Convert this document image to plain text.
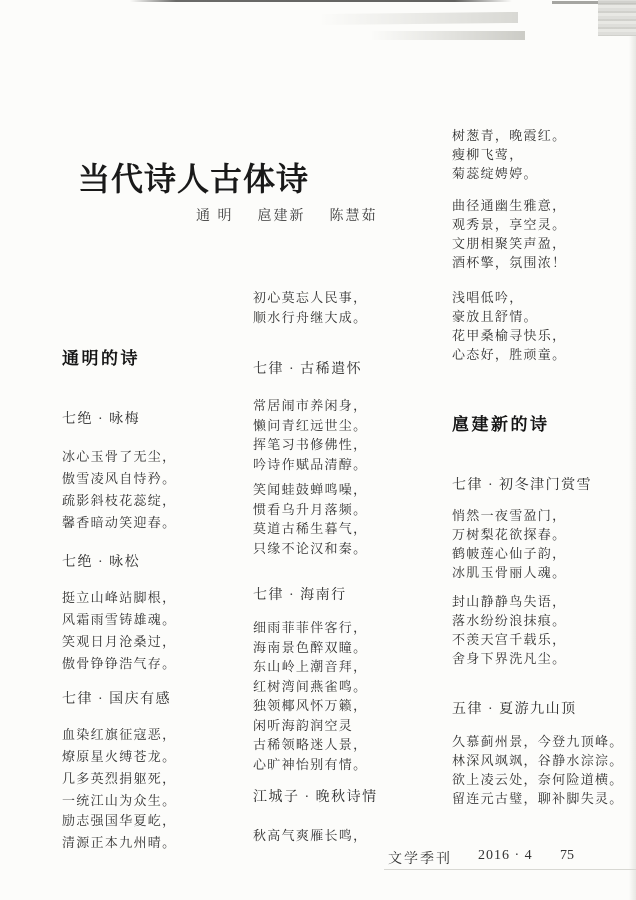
当代诗人古体诗
通 明 扈建新 陈慧茹
通明的诗
七绝 · 咏梅
冰心玉骨了无尘，
傲雪凌风自恃矜。
疏影斜枝花蕊绽，
馨香暗动笑迎春。
七绝 · 咏松
挺立山峰站脚根，
风霜雨雪铸雄魂。
笑观日月沧桑过，
傲骨铮铮浩气存。
七律 · 国庆有感
血染红旗征寇恶，
燎原星火缚苍龙。
几多英烈捐躯死，
一统江山为众生。
励志强国华夏屹，
清源正本九州晴。
初心莫忘人民事，
顺水行舟继大成。
七律 · 古稀遣怀
常居闹市养闲身，
懒问青红远世尘。
挥笔习书修佛性，
吟诗作赋品清醇。
笑闻蛙鼓蝉鸣噪，
惯看乌升月落频。
莫道古稀生暮气，
只缘不论汉和秦。
七律 · 海南行
细雨菲菲伴客行，
海南景色醉双瞳。
东山岭上潮音拜，
红树湾间燕雀鸣。
独领椰风怀万籁，
闲听海韵润空灵
古稀领略迷人景，
心旷神怡别有情。
江城子 · 晚秋诗情
秋高气爽雁长鸣，
树葱青，晚霞红。
瘦柳飞莺，
菊蕊绽娉婷。
曲径通幽生雅意，
观秀景，享空灵。
文朋相聚笑声盈，
酒杯擎，氛围浓！
浅唱低吟，
豪放且舒情。
花甲桑榆寻快乐，
心态好，胜顽童。
扈建新的诗
七律 · 初冬津门赏雪
悄然一夜雪盈门，
万树梨花欲探春。
鹤帔莲心仙子韵，
冰肌玉骨丽人魂。
封山静静鸟失语，
落水纷纷浪抹痕。
不羡天宫千载乐，
舍身下界洗凡尘。
五律 · 夏游九山顶
久慕蓟州景，今登九顶峰。
林深风飒飒，谷静水淙淙。
欲上凌云处，奈何险道横。
留连元古璧，聊补脚失灵。
文学季刊 2016 · 4 75
